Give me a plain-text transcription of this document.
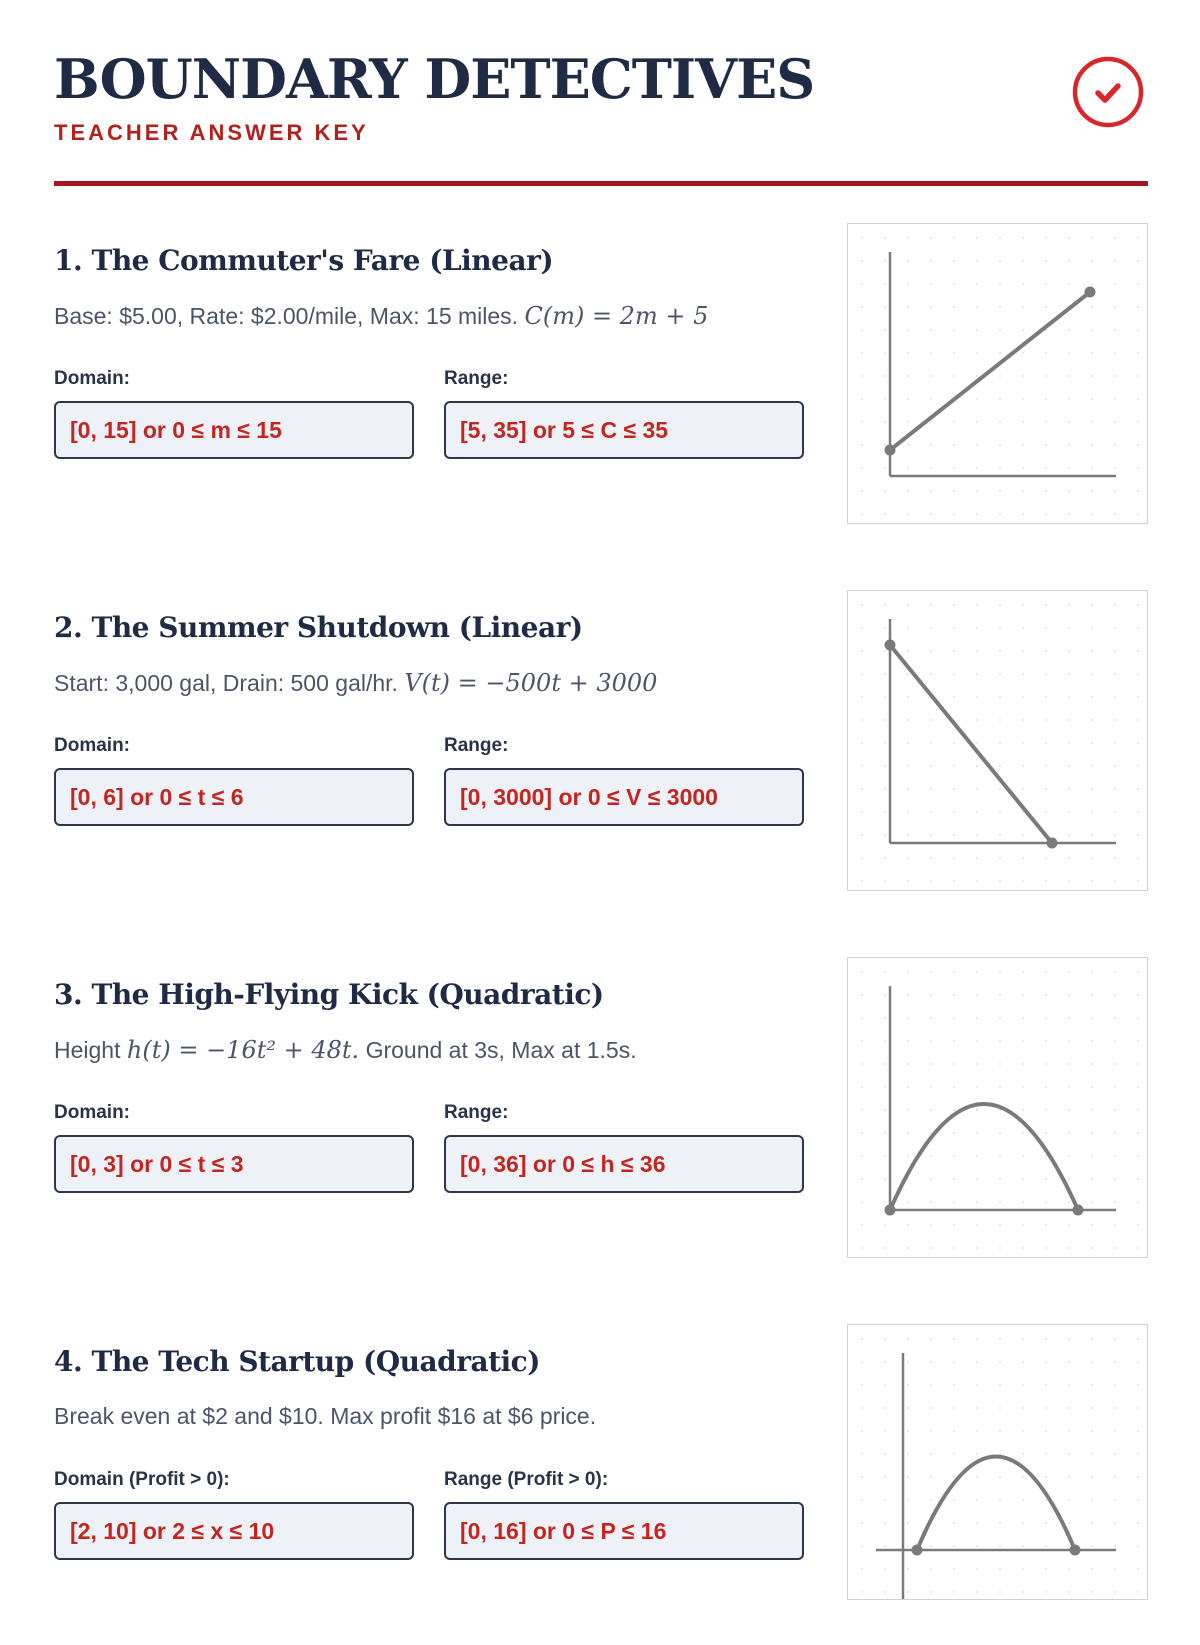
BOUNDARY DETECTIVES
TEACHER ANSWER KEY
1. The Commuter's Fare (Linear)
Base: $5.00, Rate: $2.00/mile, Max: 15 miles. C(m) = 2m + 5
Domain:	Range:
[0, 15] or 0 ≤ m ≤ 15	[5, 35] or 5 ≤ C ≤ 35
2. The Summer Shutdown (Linear)
Start: 3,000 gal, Drain: 500 gal/hr. V(t) = −500t + 3000
Domain:	Range:
[0, 6] or 0 ≤ t ≤ 6	[0, 3000] or 0 ≤ V ≤ 3000
3. The High-Flying Kick (Quadratic)
Height h(t) = −16t² + 48t. Ground at 3s, Max at 1.5s.
Domain:	Range:
[0, 3] or 0 ≤ t ≤ 3	[0, 36] or 0 ≤ h ≤ 36
4. The Tech Startup (Quadratic)
Break even at $2 and $10. Max profit $16 at $6 price.
Domain (Profit > 0):	Range (Profit > 0):
[2, 10] or 2 ≤ x ≤ 10	[0, 16] or 0 ≤ P ≤ 16
